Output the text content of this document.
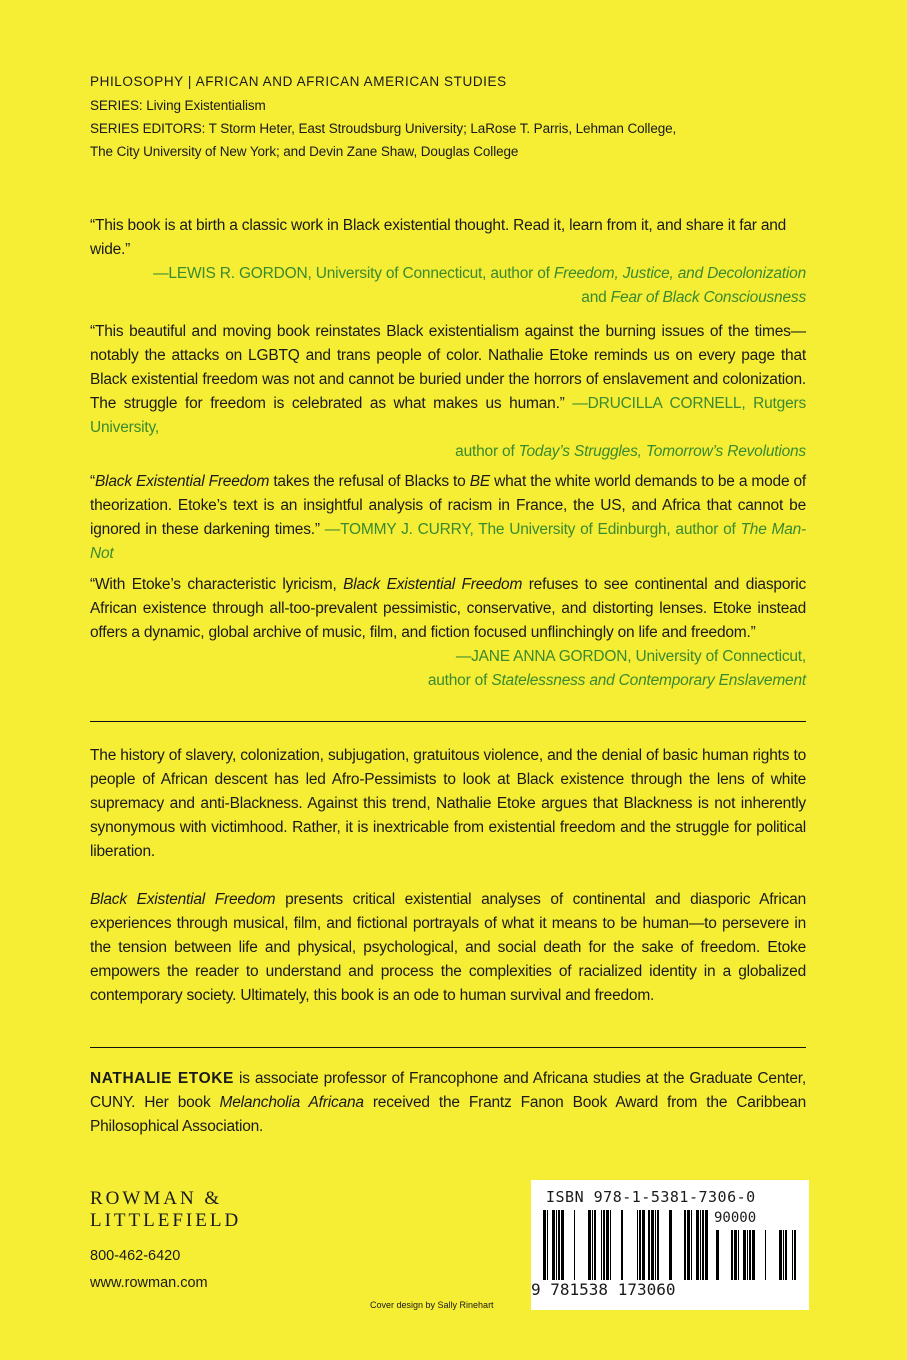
PHILOSOPHY | AFRICAN AND AFRICAN AMERICAN STUDIES
SERIES: Living Existentialism
SERIES EDITORS: T Storm Heter, East Stroudsburg University; LaRose T. Parris, Lehman College,
The City University of New York; and Devin Zane Shaw, Douglas College
“This book is at birth a classic work in Black existential thought. Read it, learn from it, and share it far and wide.”
—LEWIS R. GORDON, University of Connecticut, author of Freedom, Justice, and Decolonization
and Fear of Black Consciousness
“This beautiful and moving book reinstates Black existentialism against the burning issues of the times—notably the attacks on LGBTQ and trans people of color. Nathalie Etoke reminds us on every page that Black existential freedom was not and cannot be buried under the horrors of enslavement and colonization. The struggle for freedom is celebrated as what makes us human.” —DRUCILLA CORNELL, Rutgers University,
author of Today’s Struggles, Tomorrow’s Revolutions
“Black Existential Freedom takes the refusal of Blacks to BE what the white world demands to be a mode of theorization. Etoke’s text is an insightful analysis of racism in France, the US, and Africa that cannot be ignored in these darkening times.” —TOMMY J. CURRY, The University of Edinburgh, author of The Man-Not
“With Etoke’s characteristic lyricism, Black Existential Freedom refuses to see continental and diasporic African existence through all-too-prevalent pessimistic, conservative, and distorting lenses. Etoke instead offers a dynamic, global archive of music, film, and fiction focused unflinchingly on life and freedom.”
—JANE ANNA GORDON, University of Connecticut,
author of Statelessness and Contemporary Enslavement

The history of slavery, colonization, subjugation, gratuitous violence, and the denial of basic human rights to people of African descent has led Afro-Pessimists to look at Black existence through the lens of white supremacy and anti-Blackness. Against this trend, Nathalie Etoke argues that Blackness is not inherently synonymous with victimhood. Rather, it is inextricable from existential freedom and the struggle for political liberation.

Black Existential Freedom presents critical existential analyses of continental and diasporic African experiences through musical, film, and fictional portrayals of what it means to be human—to persevere in the tension between life and physical, psychological, and social death for the sake of freedom. Etoke empowers the reader to understand and process the complexities of racialized identity in a globalized contemporary society. Ultimately, this book is an ode to human survival and freedom.

NATHALIE ETOKE is associate professor of Francophone and Africana studies at the Graduate Center, CUNY. Her book Melancholia Africana received the Frantz Fanon Book Award from the Caribbean Philosophical Association.
ROWMAN &
LITTLEFIELD
800-462-6420
www.rowman.com
Cover design by Sally Rinehart
ISBN 978-1-5381-7306-0
90000
9 781538 173060
